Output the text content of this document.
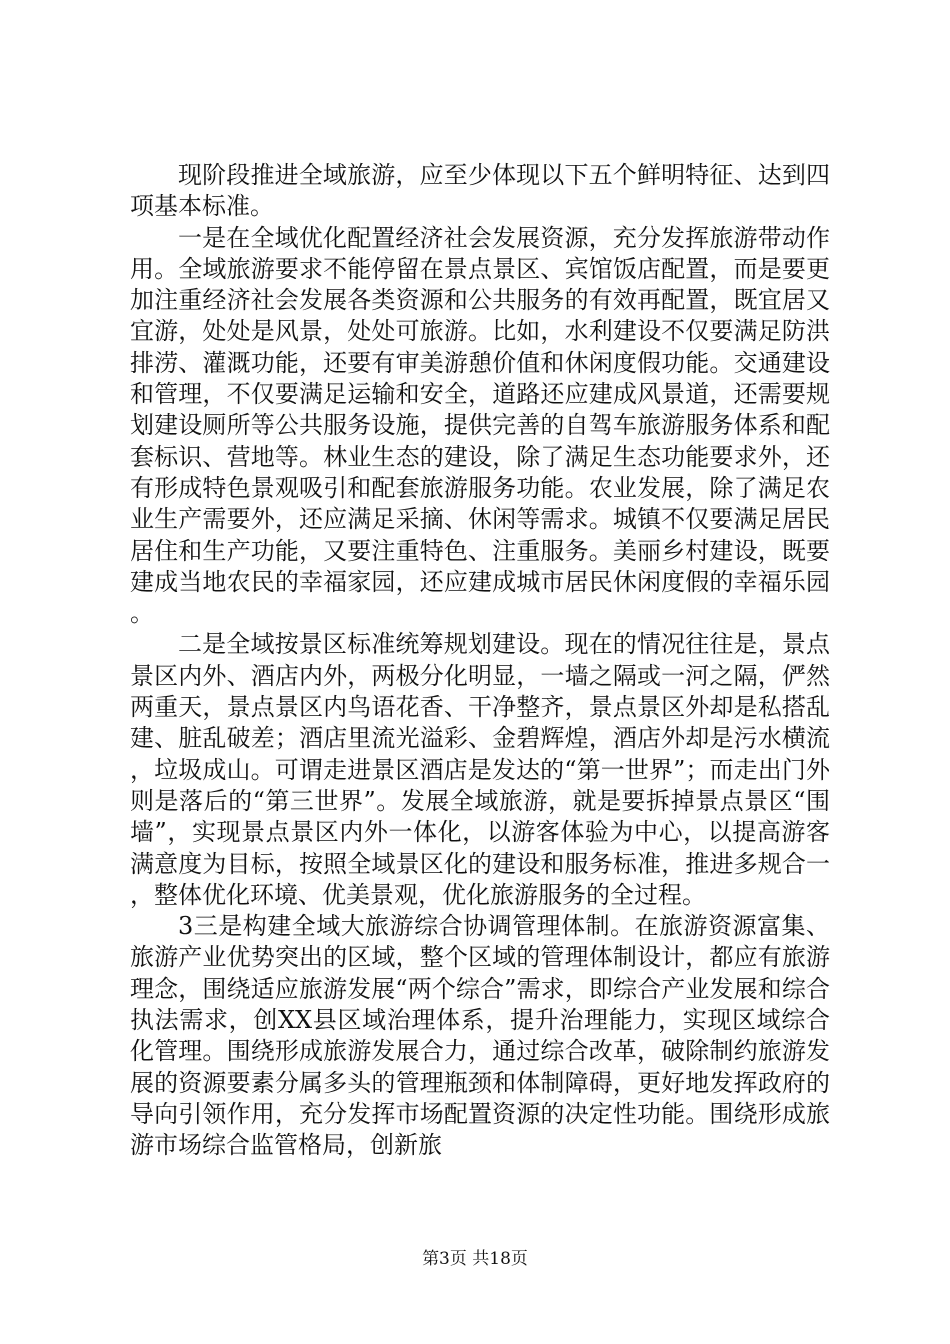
现阶段推进全域旅游，应至少体现以下五个鲜明特征、达到四项基本标准。

一是在全域优化配置经济社会发展资源，充分发挥旅游带动作用。全域旅游要求不能停留在景点景区、宾馆饭店配置，而是要更加注重经济社会发展各类资源和公共服务的有效再配置，既宜居又宜游，处处是风景，处处可旅游。比如，水利建设不仅要满足防洪排涝、灌溉功能，还要有审美游憩价值和休闲度假功能。交通建设和管理，不仅要满足运输和安全，道路还应建成风景道，还需要规划建设厕所等公共服务设施，提供完善的自驾车旅游服务体系和配套标识、营地等。林业生态的建设，除了满足生态功能要求外，还有形成特色景观吸引和配套旅游服务功能。农业发展，除了满足农业生产需要外，还应满足采摘、休闲等需求。城镇不仅要满足居民居住和生产功能，又要注重特色、注重服务。美丽乡村建设，既要建成当地农民的幸福家园，还应建成城市居民休闲度假的幸福乐园。

二是全域按景区标准统筹规划建设。现在的情况往往是，景点景区内外、酒店内外，两极分化明显，一墙之隔或一河之隔，俨然两重天，景点景区内鸟语花香、干净整齐，景点景区外却是私搭乱建、脏乱破差；酒店里流光溢彩、金碧辉煌，酒店外却是污水横流，垃圾成山。可谓走进景区酒店是发达的“第一世界”；而走出门外则是落后的“第三世界”。发展全域旅游，就是要拆掉景点景区“围墙”，实现景点景区内外一体化，以游客体验为中心，以提高游客满意度为目标，按照全域景区化的建设和服务标准，推进多规合一，整体优化环境、优美景观，优化旅游服务的全过程。

3三是构建全域大旅游综合协调管理体制。在旅游资源富集、旅游产业优势突出的区域，整个区域的管理体制设计，都应有旅游理念，围绕适应旅游发展“两个综合”需求，即综合产业发展和综合执法需求，创XX县区域治理体系，提升治理能力，实现区域综合化管理。围绕形成旅游发展合力，通过综合改革，破除制约旅游发展的资源要素分属多头的管理瓶颈和体制障碍，更好地发挥政府的导向引领作用，充分发挥市场配置资源的决定性功能。围绕形成旅游市场综合监管格局，创新旅

第3页 共18页
